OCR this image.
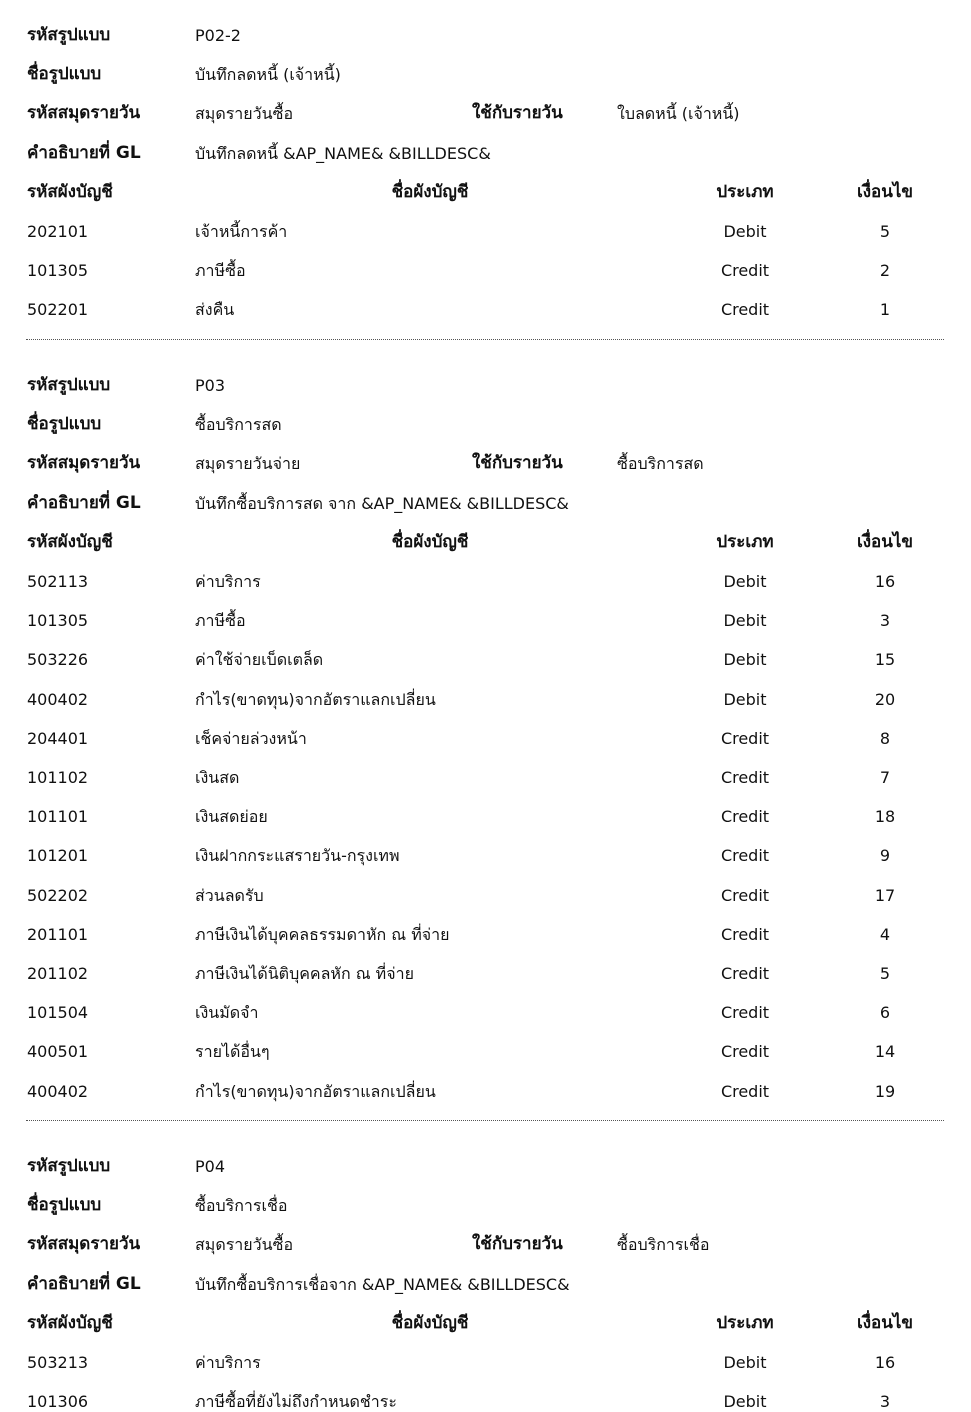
รหัสรูปแบบ	P02-2
ชื่อรูปแบบ	บันทึกลดหนี้ (เจ้าหนี้)
รหัสสมุดรายวัน	สมุดรายวันซื้อ	ใช้กับรายวัน	ใบลดหนี้ (เจ้าหนี้)
คำอธิบายที่ GL	บันทึกลดหนี้ &AP_NAME& &BILLDESC&
รหัสผังบัญชี	ชื่อผังบัญชี	ประเภท	เงื่อนไข
202101	เจ้าหนี้การค้า	Debit	5
101305	ภาษีซื้อ	Credit	2
502201	ส่งคืน	Credit	1
รหัสรูปแบบ	P03
ชื่อรูปแบบ	ซื้อบริการสด
รหัสสมุดรายวัน	สมุดรายวันจ่าย	ใช้กับรายวัน	ซื้อบริการสด
คำอธิบายที่ GL	บันทึกซื้อบริการสด จาก &AP_NAME& &BILLDESC&
รหัสผังบัญชี	ชื่อผังบัญชี	ประเภท	เงื่อนไข
502113	ค่าบริการ	Debit	16
101305	ภาษีซื้อ	Debit	3
503226	ค่าใช้จ่ายเบ็ดเตล็ด	Debit	15
400402	กำไร(ขาดทุน)จากอัตราแลกเปลี่ยน	Debit	20
204401	เช็คจ่ายล่วงหน้า	Credit	8
101102	เงินสด	Credit	7
101101	เงินสดย่อย	Credit	18
101201	เงินฝากกระแสรายวัน-กรุงเทพ	Credit	9
502202	ส่วนลดรับ	Credit	17
201101	ภาษีเงินได้บุคคลธรรมดาหัก ณ ที่จ่าย	Credit	4
201102	ภาษีเงินได้นิติบุคคลหัก ณ ที่จ่าย	Credit	5
101504	เงินมัดจำ	Credit	6
400501	รายได้อื่นๆ	Credit	14
400402	กำไร(ขาดทุน)จากอัตราแลกเปลี่ยน	Credit	19
รหัสรูปแบบ	P04
ชื่อรูปแบบ	ซื้อบริการเชื่อ
รหัสสมุดรายวัน	สมุดรายวันซื้อ	ใช้กับรายวัน	ซื้อบริการเชื่อ
คำอธิบายที่ GL	บันทึกซื้อบริการเชื่อจาก &AP_NAME& &BILLDESC&
รหัสผังบัญชี	ชื่อผังบัญชี	ประเภท	เงื่อนไข
503213	ค่าบริการ	Debit	16
101306	ภาษีซื้อที่ยังไม่ถึงกำหนดชำระ	Debit	3
